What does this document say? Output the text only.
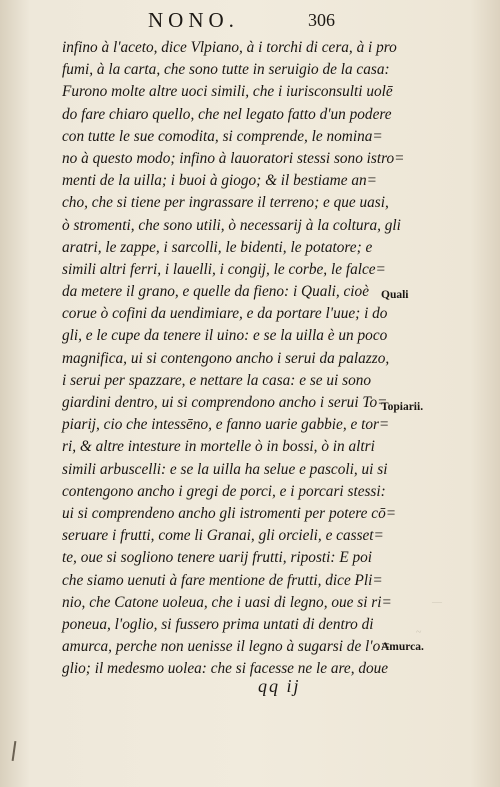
NONO.	306
infino à l'aceto, dice Vlpiano, à i torchi di cera, à i pro
fumi, à la carta, che sono tutte in seruigio de la casa:
Furono molte altre uoci simili, che i iurisconsulti uolē
do fare chiaro quello, che nel legato fatto d'un podere
con tutte le sue comodita, si comprende, le nomina=
no à questo modo; infino à lauoratori stessi sono istro=
menti de la uilla; i buoi à giogo; & il bestiame an=
cho, che si tiene per ingrassare il terreno; e que uasi,
ò stromenti, che sono utili, ò necessarij à la coltura, gli
aratri, le zappe, i sarcolli, le bidenti, le potatore; e
simili altri ferri, i lauelli, i congij, le corbe, le falce=
da metere il grano, e quelle da fieno: i Quali, cioè
corue ò cofini da uendimiare, e da portare l'uue; i do
gli, e le cupe da tenere il uino: e se la uilla è un poco
magnifica, ui si contengono ancho i serui da palazzo,
i serui per spazzare, e nettare la casa: e se ui sono
giardini dentro, ui si comprendono ancho i serui To=
piarij, cio che intessēno, e fanno uarie gabbie, e tor=
ri, & altre intesture in mortelle ò in bossi, ò in altri
simili arbuscelli: e se la uilla ha selue e pascoli, ui si
contengono ancho i gregi de porci, e i porcari stessi:
ui si comprendeno ancho gli istromenti per potere cō=
seruare i frutti, come li Granai, gli orcieli, e casset=
te, oue si sogliono tenere uarij frutti, riposti: E poi
che siamo uenuti à fare mentione de frutti, dice Pli=
nio, che Catone uoleua, che i uasi di legno, oue si ri=
poneua, l'oglio, si fussero prima untati di dentro di
amurca, perche non uenisse il legno à sugarsi de l'o=
glio; il medesmo uolea: che si facesse ne le are, doue
Quali
Topiarii.
Amurca.
qq ij
—
~
